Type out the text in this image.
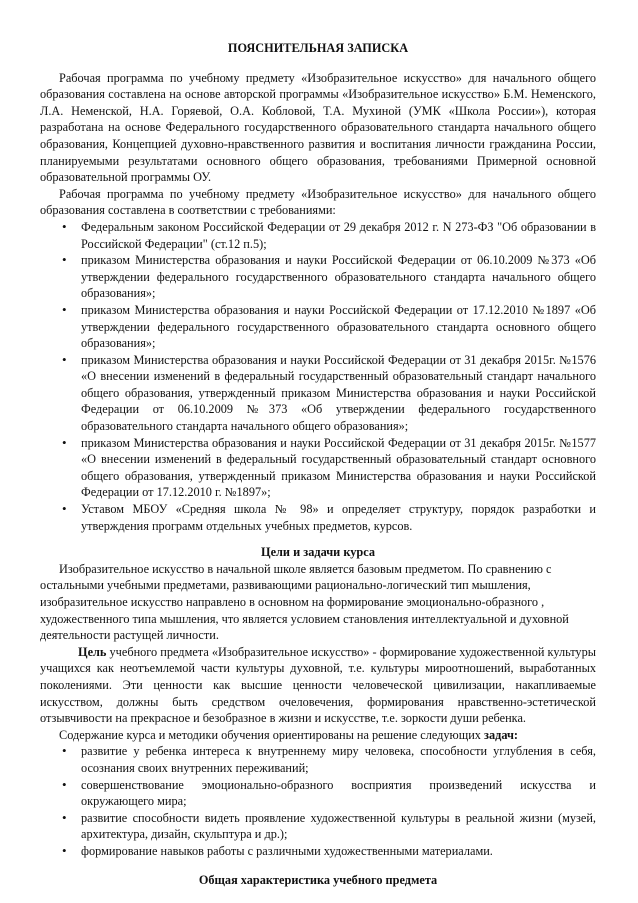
ПОЯСНИТЕЛЬНАЯ ЗАПИСКА

Рабочая программа по учебному предмету «Изобразительное искусство» для начального общего образования составлена на основе авторской программы «Изобразительное искусство» Б.М. Неменского, Л.А. Неменской, Н.А. Горяевой, О.А. Кобловой, Т.А. Мухиной (УМК «Школа России»), которая разработана на основе Федерального государственного образовательного стандарта начального общего образования, Концепцией духовно-нравственного развития и воспитания личности гражданина России, планируемыми результатами основного общего образования, требованиями Примерной основной образовательной программы ОУ.

Рабочая программа по учебному предмету «Изобразительное искусство» для начального общего образования составлена в соответствии с требованиями:

• Федеральным законом Российской Федерации от 29 декабря 2012 г. N 273-ФЗ "Об образовании в Российской Федерации" (ст.12 п.5);
• приказом Министерства образования и науки Российской Федерации от 06.10.2009 №373 «Об утверждении федерального государственного образовательного стандарта начального общего образования»;
• приказом Министерства образования и науки Российской Федерации от 17.12.2010 №1897 «Об утверждении федерального государственного образовательного стандарта основного общего образования»;
• приказом Министерства образования и науки Российской Федерации от 31 декабря 2015г. №1576 «О внесении изменений в федеральный государственный образовательный стандарт начального общего образования, утвержденный приказом Министерства образования и науки Российской Федерации от 06.10.2009 №373 «Об утверждении федерального государственного образовательного стандарта начального общего образования»;
• приказом Министерства образования и науки Российской Федерации от 31 декабря 2015г. №1577 «О внесении изменений в федеральный государственный образовательный стандарт основного общего образования, утвержденный приказом Министерства образования и науки Российской Федерации от 17.12.2010 г. №1897»;
• Уставом МБОУ «Средняя школа № 98» и определяет структуру, порядок разработки и утверждения программ отдельных учебных предметов, курсов.
Цели и задачи курса

Изобразительное искусство в начальной школе является базовым предметом. По сравнению с остальными учебными предметами, развивающими рационально-логический тип мышления, изобразительное искусство направлено в основном на формирование эмоционально-образного , художественного типа мышления, что является условием становления интеллектуальной и духовной деятельности растущей личности.

Цель учебного предмета «Изобразительное искусство» - формирование художественной культуры учащихся как неотъемлемой части культуры духовной, т.е. культуры мироотношений, выработанных поколениями. Эти ценности как высшие ценности человеческой цивилизации, накапливаемые искусством, должны быть средством очеловечения, формирования нравственно-эстетической отзывчивости на прекрасное и безобразное в жизни и искусстве, т.е. зоркости души ребенка.

Содержание курса и методики обучения ориентированы на решение следующих задач:

• развитие у ребенка интереса к внутреннему миру человека, способности углубления в себя, осознания своих внутренних переживаний;
• совершенствование эмоционально-образного восприятия произведений искусства и окружающего мира;
• развитие способности видеть проявление художественной культуры в реальной жизни (музей, архитектура, дизайн, скульптура и др.);
• формирование навыков работы с различными художественными материалами.
Общая характеристика учебного предмета
